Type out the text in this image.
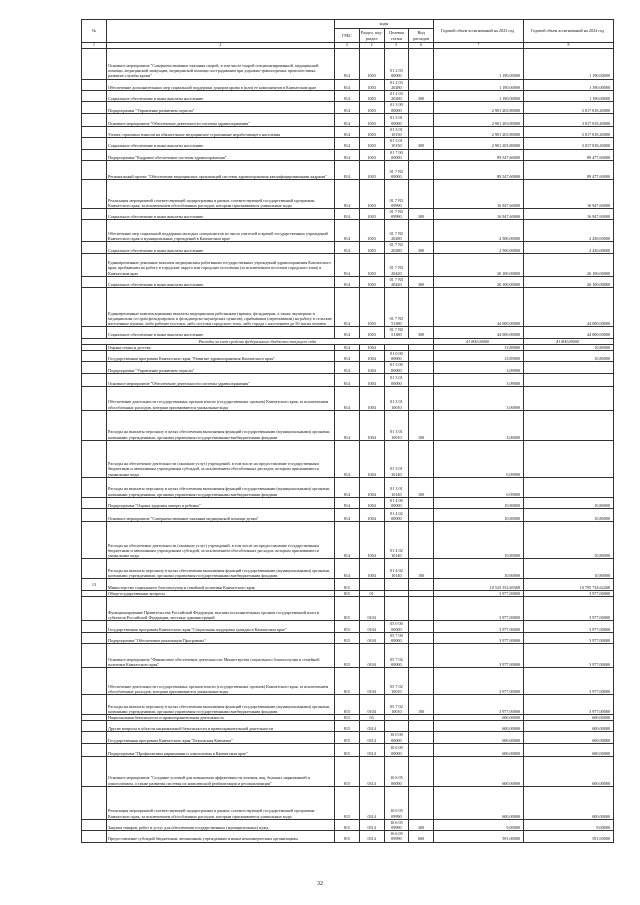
№		коды				Годовой объем ассигнований на 2023 год	Годовой объем ассигнований на 2024 год
		ГРБС	Раздел, под-раздел	Целевая статья	Вид расходов		
1	2	3	4	5	6	7	8
	Основное мероприятие "Совершенствование оказания скорой, в том числе скорой специализированной, медицинской помощи, медицинской эвакуации, медицинской помощи пострадавшим при дорожно-транспортных происшествиях, развитие службы крови"	814	1003	01 2 03 00000		1 190,00000	1 190,00000
	Обеспечение дополнительных мер социальной поддержки доноров крови в (или) ее компонентов в Камчатском крае	814	1003	01 2 03 20280		1 190,00000	1 190,00000
	Социальное обеспечение и иные выплаты населению	814	1003	01 2 03 20280	300	1 190,00000	1 190,00000
	Подпрограмма "Управление развитием отрасли"	814	1003	01 3 00 00000		2 901 203,80000	3 017 818,40000
	Основное мероприятие "Обеспечение деятельности системы здравоохранения"	814	1003	01 3 01 00000		2 901 203,80000	3 017 818,40000
	Уплата страховых взносов на обязательное медицинское страхование неработающего населения	814	1003	01 3 01 10150		2 901 203,80000	3 017 818,40000
	Социальное обеспечение и иные выплаты населению	814	1003	01 3 01 10150	300	2 901 203,80000	3 017 818,40000
	Подпрограмма "Кадровое обеспечение системы здравоохранения"	814	1003	01 7 00 00000		89 547,60000	89 477,60000
	Региональный проект "Обеспечение медицинских организаций системы здравоохранения квалифицированными кадрами"	814	1003	01 7 N5 00000		89 547,60000	89 477,60000
	Реализация мероприятий соответствующей подпрограммы в рамках соответствующей государственной программы Камчатского края, за исключением обособленных расходов, которым присваиваются уникальные коды	814	1003	01 7 N5 09990		16 947,60000	16 947,60000
	Социальное обеспечение и иные выплаты населению	814	1003	01 7 N5 09990	300	16 947,60000	16 947,60000
	Обеспечение мер социальной поддержки молодых специалистов из числа учителей и врачей государственных учреждений Камчатского края и муниципальных учреждений в Камчатском крае	814	1003	01 7 N5 20280		2 500,00000	2 430,00000
	Социальное обеспечение и иные выплаты населению	814	1003	01 7 N5 20280	300	2 500,00000	2 430,00000
	Единовременные денежные выплаты медицинским работникам государственных учреждений здравоохранения Камчатского края, прибывшим на работу в городские округа или городские поселения (за исключением поселков городского типа) в Камчатском крае	814	1003	01 7 N5 20420		26 100,00000	26 100,00000
	Социальное обеспечение и иные выплаты населению	814	1003	01 7 N5 20420	300	26 100,00000	26 100,00000
	Единовременные компенсационные выплаты медицинским работникам (врачам, фельдшерам, а также акушеркам и медицинским сестрам фельдшерских и фельдшерско-акушерских пунктов), прибывшим (переехавшим) на работу в сельские населенные пункты, либо рабочие поселки, либо поселки городского типа, либо города с населением до 50 тысяч человек	814	1003	01 7 N5 51380		44 000,00000	44 000,00000
	Социальное обеспечение и иные выплаты населению	814	1003	01 7 N5 51380	300	44 000,00000	44 000,00000
Расходы за счет средств федерального бюджета текущего года						41 800,00000	41 800,00000
	Охрана семьи и детства	814	1004			13,89000	10,80000
	Государственная программа Камчатского края "Развитие здравоохранения Камчатского края"	814	1004	01 0 00 00000		13,89000	10,80000
	Подпрограмма "Управление развитием отрасли"	814	1004	01 3 00 00000		3,09000	
	Основное мероприятие "Обеспечение деятельности системы здравоохранения"	814	1004	01 3 01 00000		3,09000	
	Обеспечение деятельности государственных органов власти (государственных органов) Камчатского края, за исключением обособленных расходов, которым присваиваются уникальные коды	814	1004	01 3 01 10010		3,00000	
	Расходы на выплаты персоналу в целях обеспечения выполнения функций государственными (муниципальными) органами, казенными учреждениями, органами управления государственными внебюджетными фондами	814	1004	01 3 01 10010	100	3,00000	
	Расходы на обеспечение деятельности (оказание услуг) учреждений, в том числе на предоставление государственным бюджетным и автономным учреждениям субсидий, за исключением обособленных расходов, которым присваиваются уникальные коды	814	1004	01 3 01 10140		0,09000	
	Расходы на выплаты персоналу в целях обеспечения выполнения функций государственными (муниципальными) органами, казенными учреждениями, органами управления государственными внебюджетными фондами	814	1004	01 3 01 10140	100	0,09000	
	Подпрограмма "Охрана здоровья матери и ребенка"	814	1004	01 4 00 00000		10,80000	10,80000
	Основное мероприятие "Совершенствование оказания медицинской помощи детям"	814	1004	01 4 02 00000		10,80000	10,80000
	Расходы на обеспечение деятельности (оказание услуг) учреждений, в том числе на предоставление государственным бюджетным и автономным учреждениям субсидий, за исключением обособленных расходов, которым присваиваются уникальные коды	814	1004	01 4 02 10140		10,80000	10,80000
	Расходы на выплаты персоналу в целях обеспечения выполнения функций государственными (муниципальными) органами, казенными учреждениями, органами управления государственными внебюджетными фондами	814	1004	01 4 02 10140	100	10,80000	10,80000
13	Министерство социального благополучия и семейной политики Камчатского края	815				10 525 352,60368	10 795 734,62268
	Общегосударственные вопросы	815	01			3 977,00000	3 977,00000
	Функционирование Правительства Российской Федерации, высших исполнительных органов государственной власти субъектов Российской Федерации, местных администраций	815	0104			3 977,00000	3 977,00000
	Государственная программа Камчатского края "Социальная поддержка граждан в Камчатском крае"	815	0104	05 0 00 00000		3 977,00000	3 977,00000
	Подпрограмма "Обеспечение реализации Программы"	815	0104	05 7 00 00000		3 977,00000	3 977,00000
	Основное мероприятие "Финансовое обеспечение деятельности Министерства социального благополучия и семейной политики Камчатского края"	815	0104	05 7 02 00000		3 977,00000	3 977,00000
	Обеспечение деятельности государственных органов власти (государственных органов) Камчатского края, за исключением обособленных расходов, которым присваиваются уникальные коды	815	0104	05 7 02 10010		3 977,00000	3 977,00000
	Расходы на выплаты персоналу в целях обеспечения выполнения функций государственными (муниципальными) органами, казенными учреждениями, органами управления государственными внебюджетными фондами	815	0104	05 7 02 10010	100	3 977,00000	3 977,00000
	Национальная безопасность и правоохранительная деятельность	815	03			600,00000	600,00000
	Другие вопросы в области национальной безопасности и правоохранительной деятельности	815	0314			600,00000	600,00000
	Государственная программа Камчатского края "Безопасная Камчатка"	815	0314	16 0 00 00000		600,00000	600,00000
	Подпрограмма "Профилактика наркомании и алкоголизма в Камчатском крае"	815	0314	16 6 00 00000		600,00000	600,00000
	Основное мероприятие "Создание условий для повышения эффективности лечения лиц, больных наркоманией и алкоголизмом, а также развития системы их комплексной реабилитации и ресоциализации"	815	0314	16 6 05 00000		600,00000	600,00000
	Реализация мероприятий соответствующей подпрограммы в рамках соответствующей государственной программы Камчатского края, за исключением обособленных расходов, которым присваиваются уникальные коды	815	0314	16 6 05 09990		600,00000	600,00000
	Закупка товаров, работ и услуг для обеспечения государственных (муниципальных) нужд	815	0314	16 6 05 09990	200	9,00000	9,00000
	Предоставление субсидий бюджетным, автономным учреждениям и иным некоммерческим организациям	815	0314	16 6 05 09990	600	591,00000	591,00000
32
